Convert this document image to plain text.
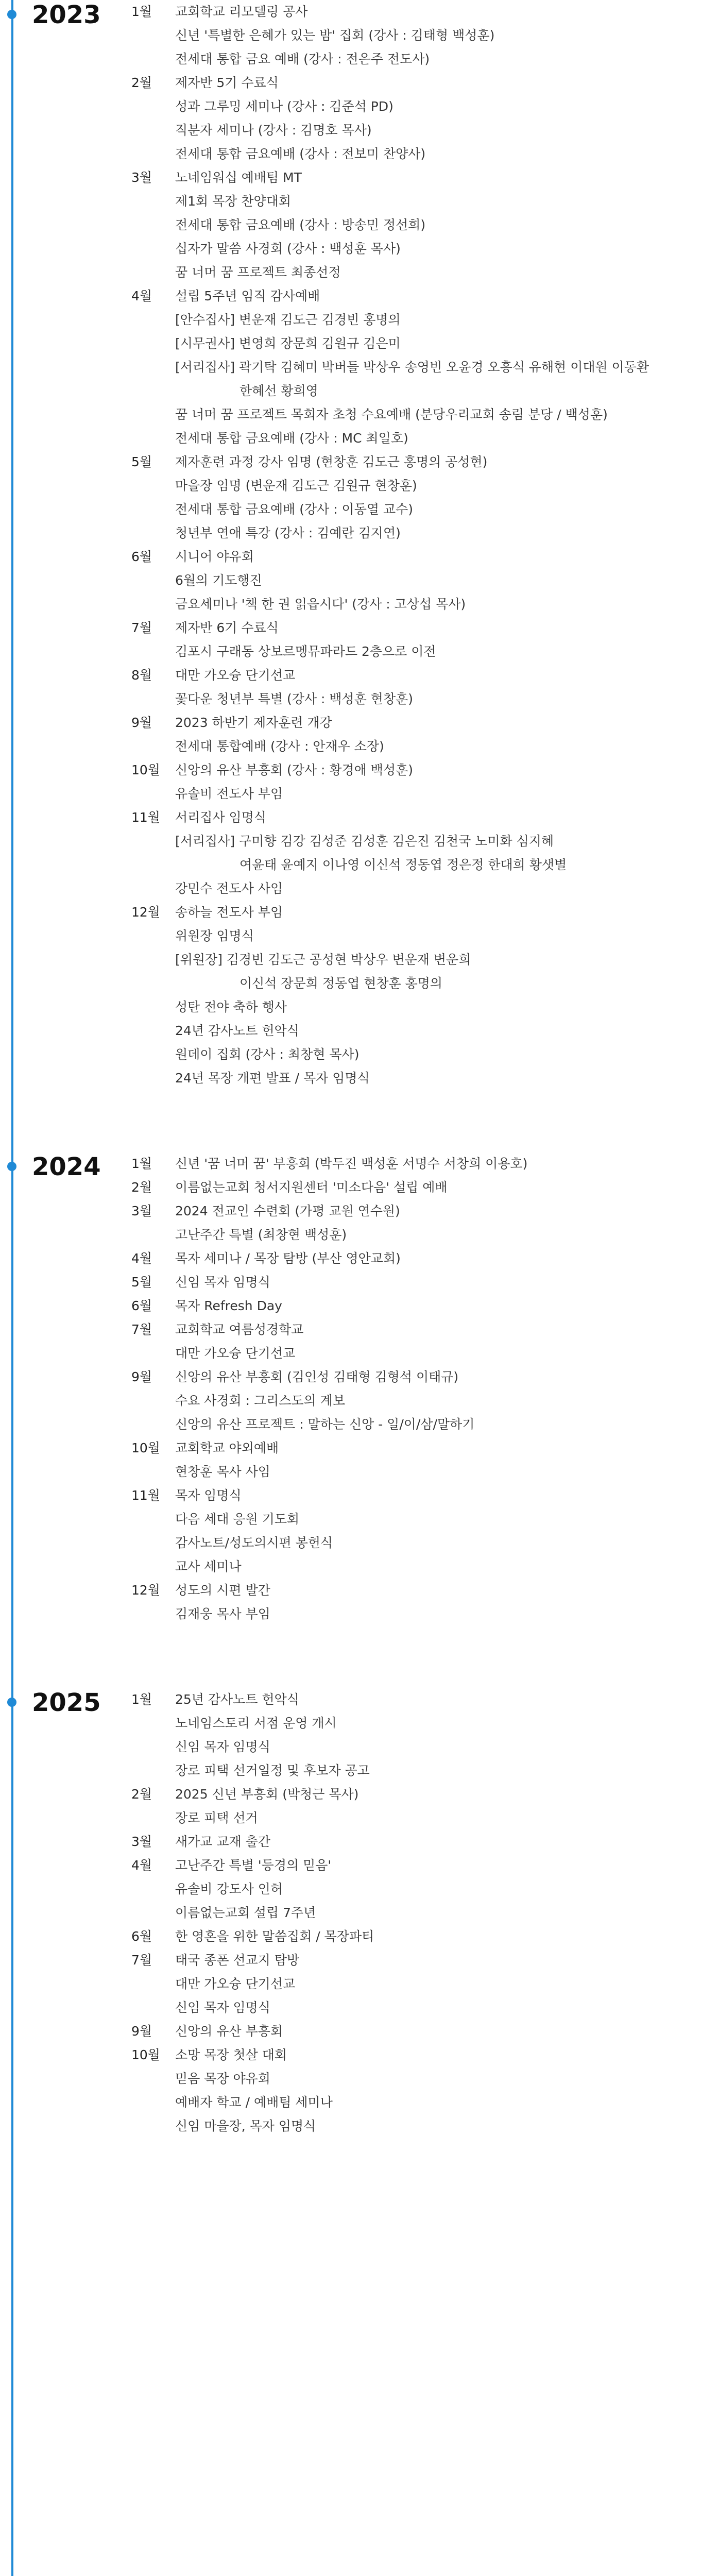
2023 1월 교회학교 리모델링 공사
신년 '특별한 은혜가 있는 밤' 집회 (강사 : 김태형 백성훈)
전세대 통합 금요 예배 (강사 : 전은주 전도사)
2월 제자반 5기 수료식
성과 그루밍 세미나 (강사 : 김준석 PD)
직분자 세미나 (강사 : 김명호 목사)
전세대 통합 금요예배 (강사 : 전보미 찬양사)
3월 노네임워십 예배팀 MT
제1회 목장 찬양대회
전세대 통합 금요예배 (강사 : 방송민 정선희)
십자가 말씀 사경회 (강사 : 백성훈 목사)
꿈 너머 꿈 프로젝트 최종선정
4월 설립 5주년 임직 감사예배
[안수집사] 변운재 김도근 김경빈 홍명의
[시무권사] 변영희 장문희 김원규 김은미
[서리집사] 곽기탁 김혜미 박버들 박상우 송영빈 오윤경 오흥식 유해현 이대원 이동환
한혜선 황희영
꿈 너머 꿈 프로젝트 목회자 초청 수요예배 (분당우리교회 송림 분당 / 백성훈)
전세대 통합 금요예배 (강사 : MC 최일호)
5월 제자훈련 과정 강사 임명 (현창훈 김도근 홍명의 공성현)
마을장 임명 (변운재 김도근 김원규 현창훈)
전세대 통합 금요예배 (강사 : 이동열 교수)
청년부 연애 특강 (강사 : 김예란 김지연)
6월 시니어 야유회
6월의 기도행진
금요세미나 '책 한 권 읽읍시다' (강사 : 고상섭 목사)
7월 제자반 6기 수료식
김포시 구래동 상보르멩뮤파라드 2층으로 이전
8월 대만 가오슝 단기선교
꽃다운 청년부 특별 (강사 : 백성훈 현창훈)
9월 2023 하반기 제자훈련 개강
전세대 통합예배 (강사 : 안재우 소장)
10월 신앙의 유산 부흥회 (강사 : 황경애 백성훈)
유솔비 전도사 부임
11월 서리집사 임명식
[서리집사] 구미향 김강 김성준 김성훈 김은진 김천국 노미화 심지혜
여윤태 윤예지 이나영 이신석 정동엽 정은정 한대희 황샛별
강민수 전도사 사임
12월 송하늘 전도사 부임
위원장 임명식
[위원장] 김경빈 김도근 공성현 박상우 변운재 변운희
이신석 장문희 정동엽 현창훈 홍명의
성탄 전야 축하 행사
24년 감사노트 헌악식
원데이 집회 (강사 : 최창현 목사)
24년 목장 개편 발표 / 목자 임명식
2024 1월 신년 '꿈 너머 꿈' 부흥회 (박두진 백성훈 서명수 서창희 이용호)
2월 이름없는교회 청서지원센터 '미소다음' 설립 예배
3월 2024 전교인 수련회 (가평 교원 연수원)
고난주간 특별 (최창현 백성훈)
4월 목자 세미나 / 목장 탐방 (부산 영안교회)
5월 신임 목자 임명식
6월 목자 Refresh Day
7월 교회학교 여름성경학교
대만 가오슝 단기선교
9월 신앙의 유산 부흥회 (김인성 김태형 김형석 이태규)
수요 사경회 : 그리스도의 계보
신앙의 유산 프로젝트 : 말하는 신앙 - 일/이/삼/말하기
10월 교회학교 야외예배
현창훈 목사 사임
11월 목자 임명식
다음 세대 응원 기도회
감사노트/성도의시편 봉헌식
교사 세미나
12월 성도의 시편 발간
김재웅 목사 부임
2025 1월 25년 감사노트 헌악식
노네임스토리 서점 운영 개시
신임 목자 임명식
장로 피택 선거일정 및 후보자 공고
2월 2025 신년 부흥회 (박청근 목사)
장로 피택 선거
3월 새가교 교재 출간
4월 고난주간 특별 '등경의 믿음'
유솔비 강도사 인허
이름없는교회 설립 7주년
6월 한 영혼을 위한 말씀집회 / 목장파티
7월 태국 종폰 선교지 탐방
대만 가오슝 단기선교
신임 목자 임명식
9월 신앙의 유산 부흥회
10월 소망 목장 첫살 대회
믿음 목장 야유회
예배자 학교 / 예배팀 세미나
신임 마을장, 목자 임명식
